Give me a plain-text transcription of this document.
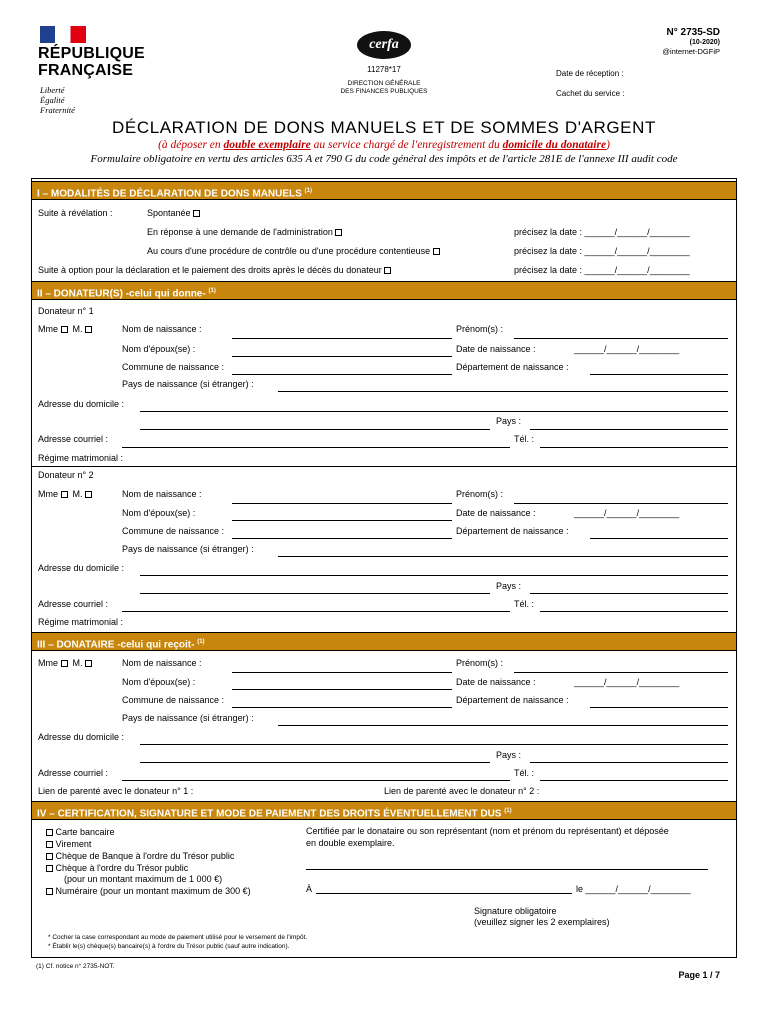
RÉPUBLIQUE
FRANÇAISE
Liberté
Égalité
Fraternité
cerfa
11278*17
DIRECTION GÉNÉRALE
DES FINANCES PUBLIQUES
N° 2735-SD
(10-2020)
@internet-DGFiP
Date de réception :
Cachet du service :
DÉCLARATION DE DONS MANUELS ET DE SOMMES D'ARGENT
(à déposer en double exemplaire au service chargé de l'enregistrement du domicile du donataire)
Formulaire obligatoire en vertu des articles 635 A et 790 G du code général des impôts et de l'article 281E de l'annexe III audit code
I – MODALITÉS DE DÉCLARATION DE DONS MANUELS $^{(1)}$
Suite à révélation :	Spontanée
En réponse à une demande de l'administration	précisez la date : ______/______/________
Au cours d'une procédure de contrôle ou d'une procédure contentieuse	précisez la date : ______/______/________
Suite à option pour la déclaration et le paiement des droits après le décès du donateur	précisez la date : ______/______/________
II – DONATEUR(S) -celui qui donne- $^{(1)}$
Donateur n° 1
Mme M.	Nom de naissance :	Prénom(s) :
Nom d'époux(se) :	Date de naissance :	______/______/________
Commune de naissance :	Département de naissance :
Pays de naissance (si étranger) :
Adresse du domicile :
Pays :
Adresse courriel :	Tél. :
Régime matrimonial :
Donateur n° 2
Mme M.	Nom de naissance :	Prénom(s) :
Nom d'époux(se) :	Date de naissance :	______/______/________
Commune de naissance :	Département de naissance :
Pays de naissance (si étranger) :
Adresse du domicile :
Pays :
Adresse courriel :	Tél. :
Régime matrimonial :
III – DONATAIRE -celui qui reçoit- $^{(1)}$
Mme M.	Nom de naissance :	Prénom(s) :
Nom d'époux(se) :	Date de naissance :	______/______/________
Commune de naissance :	Département de naissance :
Pays de naissance (si étranger) :
Adresse du domicile :
Pays :
Adresse courriel :	Tél. :
Lien de parenté avec le donateur n° 1 :	Lien de parenté avec le donateur n° 2 :
IV – CERTIFICATION, SIGNATURE ET MODE DE PAIEMENT DES DROITS ÉVENTUELLEMENT DUS $^{(1)}$
Carte bancaire
Virement
Chèque de Banque à l'ordre du Trésor public
Chèque à l'ordre du Trésor public
(pour un montant maximum de 1 000 €)
Numéraire (pour un montant maximum de 300 €)
Certifiée par le donataire ou son représentant (nom et prénom du représentant) et déposée
en double exemplaire.
À	le ______/______/________
Signature obligatoire
(veuillez signer les 2 exemplaires)
* Cocher la case correspondant au mode de paiement utilisé pour le versement de l'impôt.
* Établir le(s) chèque(s) bancaire(s) à l'ordre du Trésor public (sauf autre indication).
(1) Cf. notice n° 2735-NOT.
Page 1 / 7
